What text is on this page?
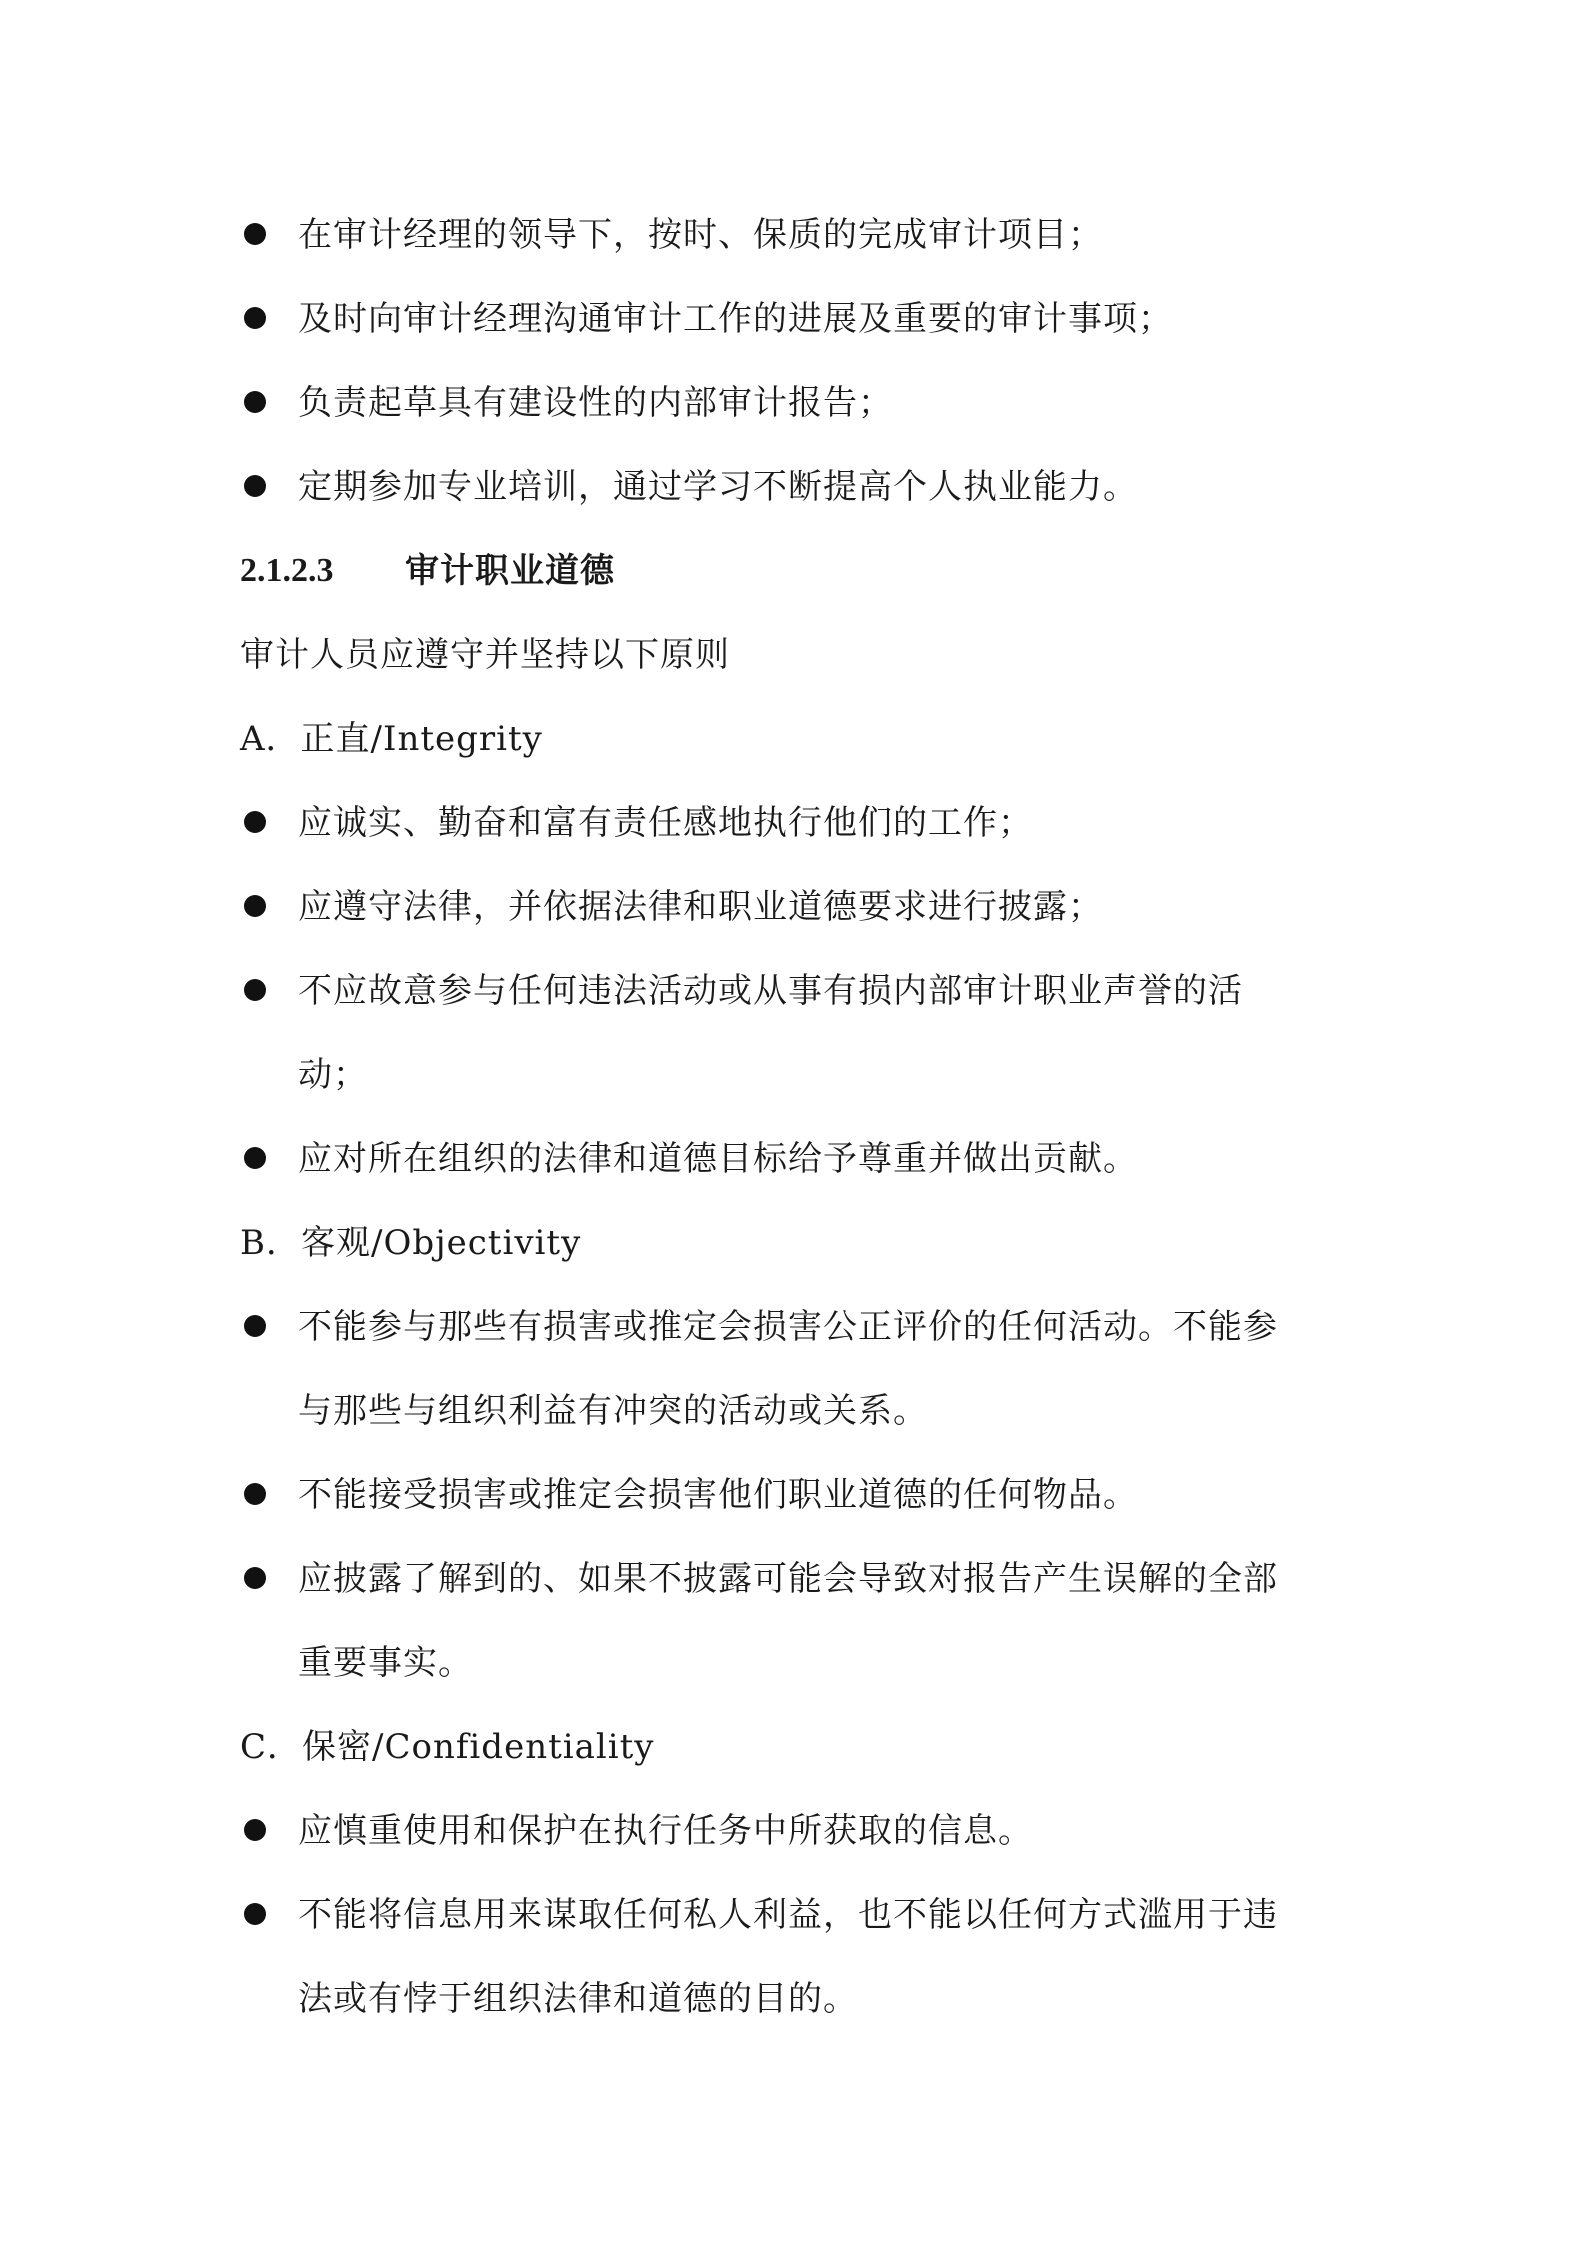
在审计经理的领导下，按时、保质的完成审计项目；
及时向审计经理沟通审计工作的进展及重要的审计事项；
负责起草具有建设性的内部审计报告；
定期参加专业培训，通过学习不断提高个人执业能力。
2.1.2.3 审计职业道德
审计人员应遵守并坚持以下原则
A．正直/Integrity
应诚实、勤奋和富有责任感地执行他们的工作；
应遵守法律，并依据法律和职业道德要求进行披露；
不应故意参与任何违法活动或从事有损内部审计职业声誉的活
动；
应对所在组织的法律和道德目标给予尊重并做出贡献。
B．客观/Objectivity
不能参与那些有损害或推定会损害公正评价的任何活动。不能参
与那些与组织利益有冲突的活动或关系。
不能接受损害或推定会损害他们职业道德的任何物品。
应披露了解到的、如果不披露可能会导致对报告产生误解的全部
重要事实。
C．保密/Confidentiality
应慎重使用和保护在执行任务中所获取的信息。
不能将信息用来谋取任何私人利益，也不能以任何方式滥用于违
法或有悖于组织法律和道德的目的。
